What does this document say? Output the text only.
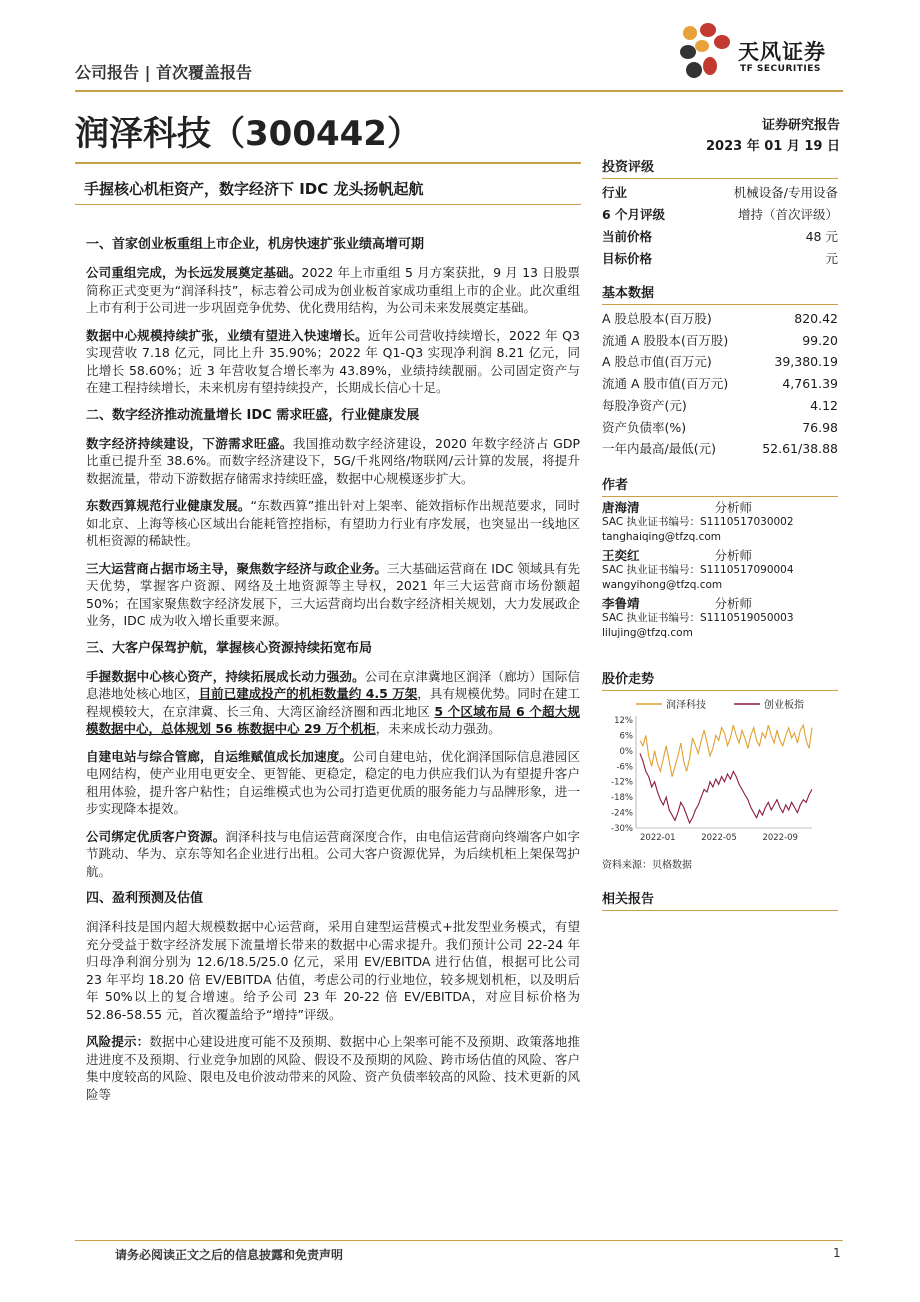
公司报告 | 首次覆盖报告
天风证券
TF SECURITIES
润泽科技（300442）	证券研究报告
2023 年 01 月 19 日
手握核心机柜资产，数字经济下 IDC 龙头扬帆起航
一、首家创业板重组上市企业，机房快速扩张业绩高增可期

公司重组完成，为长远发展奠定基础。2022 年上市重组 5 月方案获批，9 月 13 日股票简称正式变更为“润泽科技”，标志着公司成为创业板首家成功重组上市的企业。此次重组上市有利于公司进一步巩固竞争优势、优化费用结构，为公司未来发展奠定基础。

数据中心规模持续扩张，业绩有望进入快速增长。近年公司营收持续增长，2022 年 Q3 实现营收 7.18 亿元，同比上升 35.90%；2022 年 Q1-Q3 实现净利润 8.21 亿元，同比增长 58.60%；近 3 年营收复合增长率为 43.89%，业绩持续靓丽。公司固定资产与在建工程持续增长，未来机房有望持续投产，长期成长信心十足。

二、数字经济推动流量增长 IDC 需求旺盛，行业健康发展

数字经济持续建设，下游需求旺盛。我国推动数字经济建设，2020 年数字经济占 GDP 比重已提升至 38.6%。而数字经济建设下，5G/千兆网络/物联网/云计算的发展，将提升数据流量，带动下游数据存储需求持续旺盛，数据中心规模逐步扩大。

东数西算规范行业健康发展。“东数西算”推出针对上架率、能效指标作出规范要求，同时如北京、上海等核心区域出台能耗管控指标，有望助力行业有序发展，也突显出一线地区机柜资源的稀缺性。

三大运营商占据市场主导，聚焦数字经济与政企业务。三大基础运营商在 IDC 领域具有先天优势，掌握客户资源、网络及土地资源等主导权，2021 年三大运营商市场份额超 50%；在国家聚焦数字经济发展下，三大运营商均出台数字经济相关规划，大力发展政企业务，IDC 成为收入增长重要来源。

三、大客户保驾护航，掌握核心资源持续拓宽布局

手握数据中心核心资产，持续拓展成长动力强劲。公司在京津冀地区润泽（廊坊）国际信息港地处核心地区，目前已建成投产的机柜数量约 4.5 万架，具有规模优势。同时在建工程规模较大，在京津冀、长三角、大湾区渝经济圈和西北地区 5 个区域布局 6 个超大规模数据中心，总体规划 56 栋数据中心 29 万个机柜，未来成长动力强劲。

自建电站与综合管廊，自运维赋值成长加速度。公司自建电站，优化润泽国际信息港园区电网结构，使产业用电更安全、更智能、更稳定，稳定的电力供应我们认为有望提升客户租用体验，提升客户粘性；自运维模式也为公司打造更优质的服务能力与品牌形象，进一步实现降本提效。

公司绑定优质客户资源。润泽科技与电信运营商深度合作，由电信运营商向终端客户如字节跳动、华为、京东等知名企业进行出租。公司大客户资源优异，为后续机柜上架保驾护航。

四、盈利预测及估值

润泽科技是国内超大规模数据中心运营商，采用自建型运营模式+批发型业务模式，有望充分受益于数字经济发展下流量增长带来的数据中心需求提升。我们预计公司 22-24 年归母净利润分别为 12.6/18.5/25.0 亿元，采用 EV/EBITDA 进行估值，根据可比公司 23 年平均 18.20 倍 EV/EBITDA 估值，考虑公司的行业地位，较多规划机柜，以及明后年 50%以上的复合增速。给予公司 23 年 20-22 倍 EV/EBITDA，对应目标价格为 52.86-58.55 元，首次覆盖给予“增持”评级。

风险提示：数据中心建设进度可能不及预期、数据中心上架率可能不及预期、政策落地推进进度不及预期、行业竞争加剧的风险、假设不及预期的风险、跨市场估值的风险、客户集中度较高的风险、限电及电价波动带来的风险、资产负债率较高的风险、技术更新的风险等

投资评级
行业	机械设备/专用设备
6 个月评级	增持（首次评级）
当前价格	48 元
目标价格	元
基本数据
A 股总股本(百万股)	820.42
流通 A 股股本(百万股)	99.20
A 股总市值(百万元)	39,380.19
流通 A 股市值(百万元)	4,761.39
每股净资产(元)	4.12
资产负债率(%)	76.98
一年内最高/最低(元)	52.61/38.88
作者
唐海清	分析师
SAC 执业证书编号：S1110517030002
tanghaiqing@tfzq.com
王奕红	分析师
SAC 执业证书编号：S1110517090004
wangyihong@tfzq.com
李鲁靖	分析师
SAC 执业证书编号：S1110519050003
lilujing@tfzq.com
股价走势
润泽科技	创业板指
12%
6%
0%
-6%
-12%
-18%
-24%
-30%
2022-01	2022-05	2022-09
资料来源：贝格数据
相关报告
请务必阅读正文之后的信息披露和免责声明	1
